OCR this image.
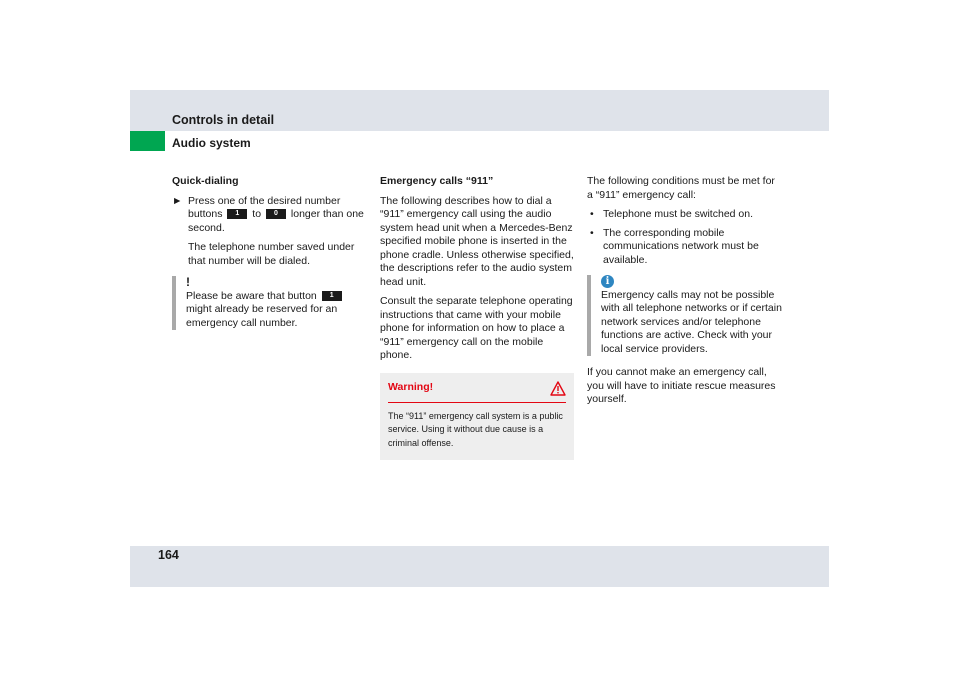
Controls in detail
Audio system
Quick-dialing

► Press one of the desired number buttons 1 to 0 longer than one second.

The telephone number saved under that number will be dialed.

!
Please be aware that button 1 might already be reserved for an emergency call number.
Emergency calls “911”

The following describes how to dial a “911” emergency call using the audio system head unit when a Mercedes-Benz specified mobile phone is inserted in the phone cradle. Unless otherwise specified, the descriptions refer to the audio system head unit.

Consult the separate telephone operating instructions that came with your mobile phone for information on how to place a “911” emergency call on the mobile phone.

Warning!
The “911” emergency call system is a public service. Using it without due cause is a criminal offense.

The following conditions must be met for a “911” emergency call:

• Telephone must be switched on.
• The corresponding mobile communications network must be available.
i
Emergency calls may not be possible with all telephone networks or if certain network services and/or telephone functions are active. Check with your local service providers.

If you cannot make an emergency call, you will have to initiate rescue measures yourself.

164
